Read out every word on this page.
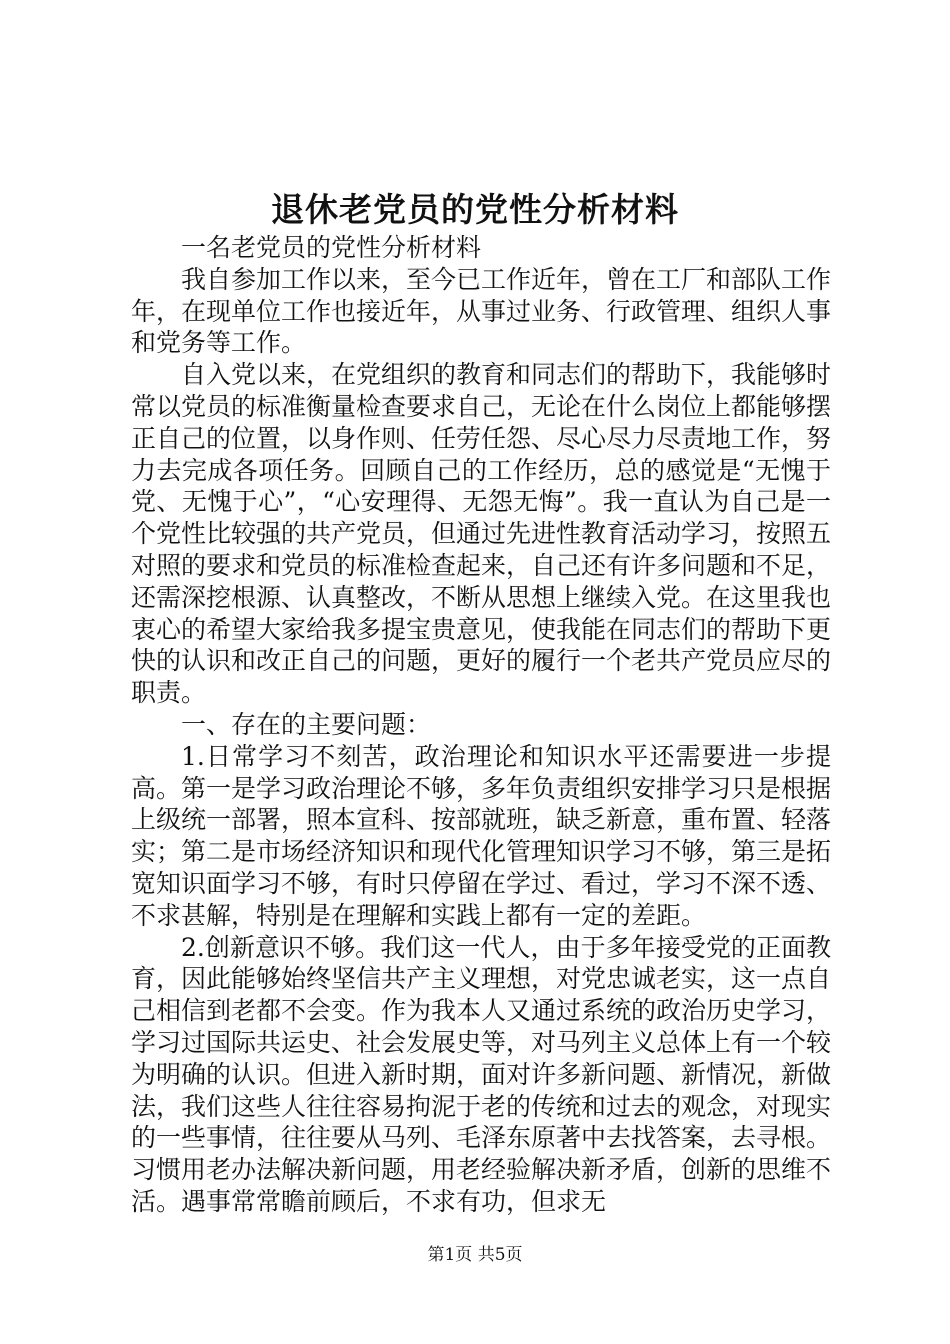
退休老党员的党性分析材料

一名老党员的党性分析材料

我自参加工作以来，至今已工作近年，曾在工厂和部队工作年，在现单位工作也接近年，从事过业务、行政管理、组织人事和党务等工作。

自入党以来，在党组织的教育和同志们的帮助下，我能够时常以党员的标准衡量检查要求自己，无论在什么岗位上都能够摆正自己的位置，以身作则、任劳任怨、尽心尽力尽责地工作，努力去完成各项任务。回顾自己的工作经历，总的感觉是“无愧于党、无愧于心”，“心安理得、无怨无悔”。我一直认为自己是一个党性比较强的共产党员，但通过先进性教育活动学习，按照五对照的要求和党员的标准检查起来，自己还有许多问题和不足，还需深挖根源、认真整改，不断从思想上继续入党。在这里我也衷心的希望大家给我多提宝贵意见，使我能在同志们的帮助下更快的认识和改正自己的问题，更好的履行一个老共产党员应尽的职责。

一、存在的主要问题：

1.日常学习不刻苦，政治理论和知识水平还需要进一步提高。第一是学习政治理论不够，多年负责组织安排学习只是根据上级统一部署，照本宣科、按部就班，缺乏新意，重布置、轻落实；第二是市场经济知识和现代化管理知识学习不够，第三是拓宽知识面学习不够，有时只停留在学过、看过，学习不深不透、不求甚解，特别是在理解和实践上都有一定的差距。

2.创新意识不够。我们这一代人，由于多年接受党的正面教育，因此能够始终坚信共产主义理想，对党忠诚老实，这一点自己相信到老都不会变。作为我本人又通过系统的政治历史学习，学习过国际共运史、社会发展史等，对马列主义总体上有一个较为明确的认识。但进入新时期，面对许多新问题、新情况，新做法，我们这些人往往容易拘泥于老的传统和过去的观念，对现实的一些事情，往往要从马列、毛泽东原著中去找答案，去寻根。习惯用老办法解决新问题，用老经验解决新矛盾，创新的思维不活。遇事常常瞻前顾后，不求有功，但求无

第1页 共5页
